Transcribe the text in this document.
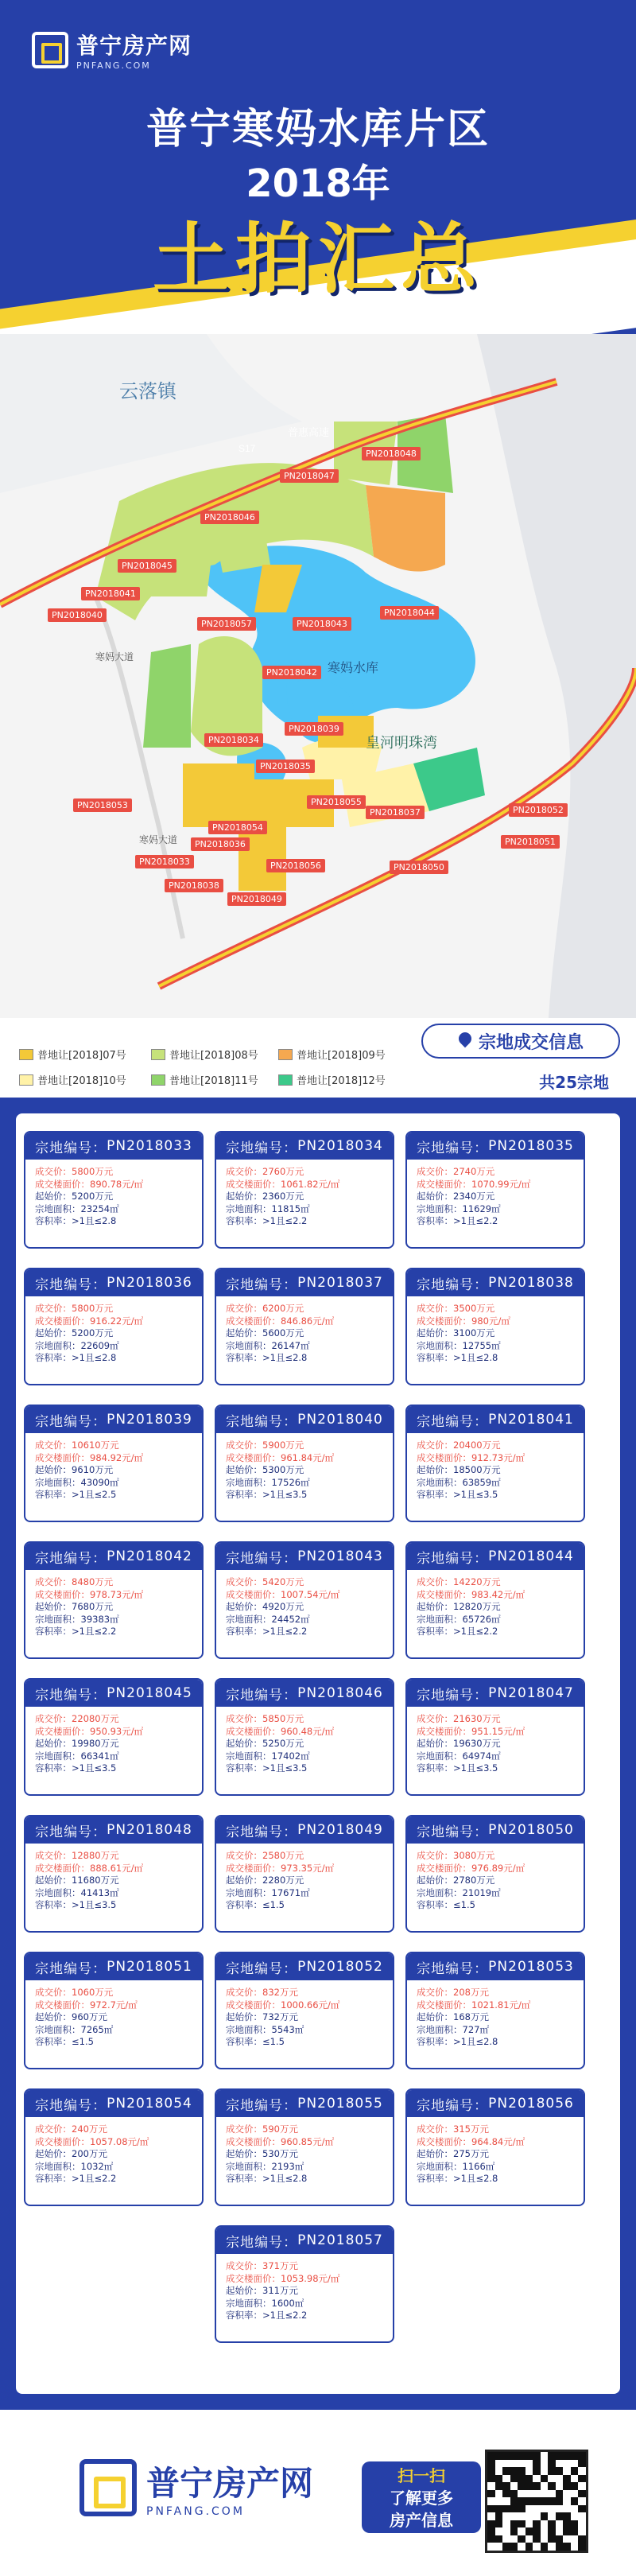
普宁房产网
PNFANG.COM
普宁寒妈水库片区
2018年
土拍汇总
云落镇
寒妈水库
皇河明珠湾
寒妈大道
寒妈大道
普惠高速
S17	PN2018048
PN2018047
PN2018046
PN2018045
PN2018041
PN2018040
PN2018057	PN2018043
PN2018044
PN2018042
PN2018039
PN2018034
PN2018035
PN2018055
PN2018053
PN2018054
PN2018037
PN2018036
PN2018052
PN2018051
PN2018033	PN2018056	PN2018050
PN2018038
PN2018049
普地让[2018]07号	普地让[2018]08号	普地让[2018]09号
普地让[2018]10号	普地让[2018]11号	普地让[2018]12号
宗地成交信息
共25宗地
宗地编号： PN2018033
成交价：5800万元
成交楼面价：890.78元/㎡
起始价：5200万元
宗地面积：23254㎡
容积率：>1且≤2.8
宗地编号： PN2018034
成交价：2760万元
成交楼面价：1061.82元/㎡
起始价：2360万元
宗地面积：11815㎡
容积率：>1且≤2.2
宗地编号： PN2018035
成交价：2740万元
成交楼面价：1070.99元/㎡
起始价：2340万元
宗地面积：11629㎡
容积率：>1且≤2.2
宗地编号： PN2018036
成交价：5800万元
成交楼面价：916.22元/㎡
起始价：5200万元
宗地面积：22609㎡
容积率：>1且≤2.8
宗地编号： PN2018037
成交价：6200万元
成交楼面价：846.86元/㎡
起始价：5600万元
宗地面积：26147㎡
容积率：>1且≤2.8
宗地编号： PN2018038
成交价：3500万元
成交楼面价：980元/㎡
起始价：3100万元
宗地面积：12755㎡
容积率：>1且≤2.8
宗地编号： PN2018039
成交价：10610万元
成交楼面价：984.92元/㎡
起始价：9610万元
宗地面积：43090㎡
容积率：>1且≤2.5
宗地编号： PN2018040
成交价：5900万元
成交楼面价：961.84元/㎡
起始价：5300万元
宗地面积：17526㎡
容积率：>1且≤3.5
宗地编号： PN2018041
成交价：20400万元
成交楼面价：912.73元/㎡
起始价：18500万元
宗地面积：63859㎡
容积率：>1且≤3.5
宗地编号： PN2018042
成交价：8480万元
成交楼面价：978.73元/㎡
起始价：7680万元
宗地面积：39383㎡
容积率：>1且≤2.2
宗地编号： PN2018043
成交价：5420万元
成交楼面价：1007.54元/㎡
起始价：4920万元
宗地面积：24452㎡
容积率：>1且≤2.2
宗地编号： PN2018044
成交价：14220万元
成交楼面价：983.42元/㎡
起始价：12820万元
宗地面积：65726㎡
容积率：>1且≤2.2
宗地编号： PN2018045
成交价：22080万元
成交楼面价：950.93元/㎡
起始价：19980万元
宗地面积：66341㎡
容积率：>1且≤3.5
宗地编号： PN2018046
成交价：5850万元
成交楼面价：960.48元/㎡
起始价：5250万元
宗地面积：17402㎡
容积率：>1且≤3.5
宗地编号： PN2018047
成交价：21630万元
成交楼面价：951.15元/㎡
起始价：19630万元
宗地面积：64974㎡
容积率：>1且≤3.5
宗地编号： PN2018048
成交价：12880万元
成交楼面价：888.61元/㎡
起始价：11680万元
宗地面积：41413㎡
容积率：>1且≤3.5
宗地编号： PN2018049
成交价：2580万元
成交楼面价：973.35元/㎡
起始价：2280万元
宗地面积：17671㎡
容积率：≤1.5
宗地编号： PN2018050
成交价：3080万元
成交楼面价：976.89元/㎡
起始价：2780万元
宗地面积：21019㎡
容积率：≤1.5
宗地编号： PN2018051
成交价：1060万元
成交楼面价：972.7元/㎡
起始价：960万元
宗地面积：7265㎡
容积率：≤1.5
宗地编号： PN2018052
成交价：832万元
成交楼面价：1000.66元/㎡
起始价：732万元
宗地面积：5543㎡
容积率：≤1.5
宗地编号： PN2018053
成交价：208万元
成交楼面价：1021.81元/㎡
起始价：168万元
宗地面积：727㎡
容积率：>1且≤2.8
宗地编号： PN2018054
成交价：240万元
成交楼面价：1057.08元/㎡
起始价：200万元
宗地面积：1032㎡
容积率：>1且≤2.2
宗地编号： PN2018055
成交价：590万元
成交楼面价：960.85元/㎡
起始价：530万元
宗地面积：2193㎡
容积率：>1且≤2.8
宗地编号： PN2018056
成交价：315万元
成交楼面价：964.84元/㎡
起始价：275万元
宗地面积：1166㎡
容积率：>1且≤2.8
宗地编号： PN2018057
成交价：371万元
成交楼面价：1053.98元/㎡
起始价：311万元
宗地面积：1600㎡
容积率：>1且≤2.2
普宁房产网
PNFANG.COM
扫一扫
了解更多
房产信息
